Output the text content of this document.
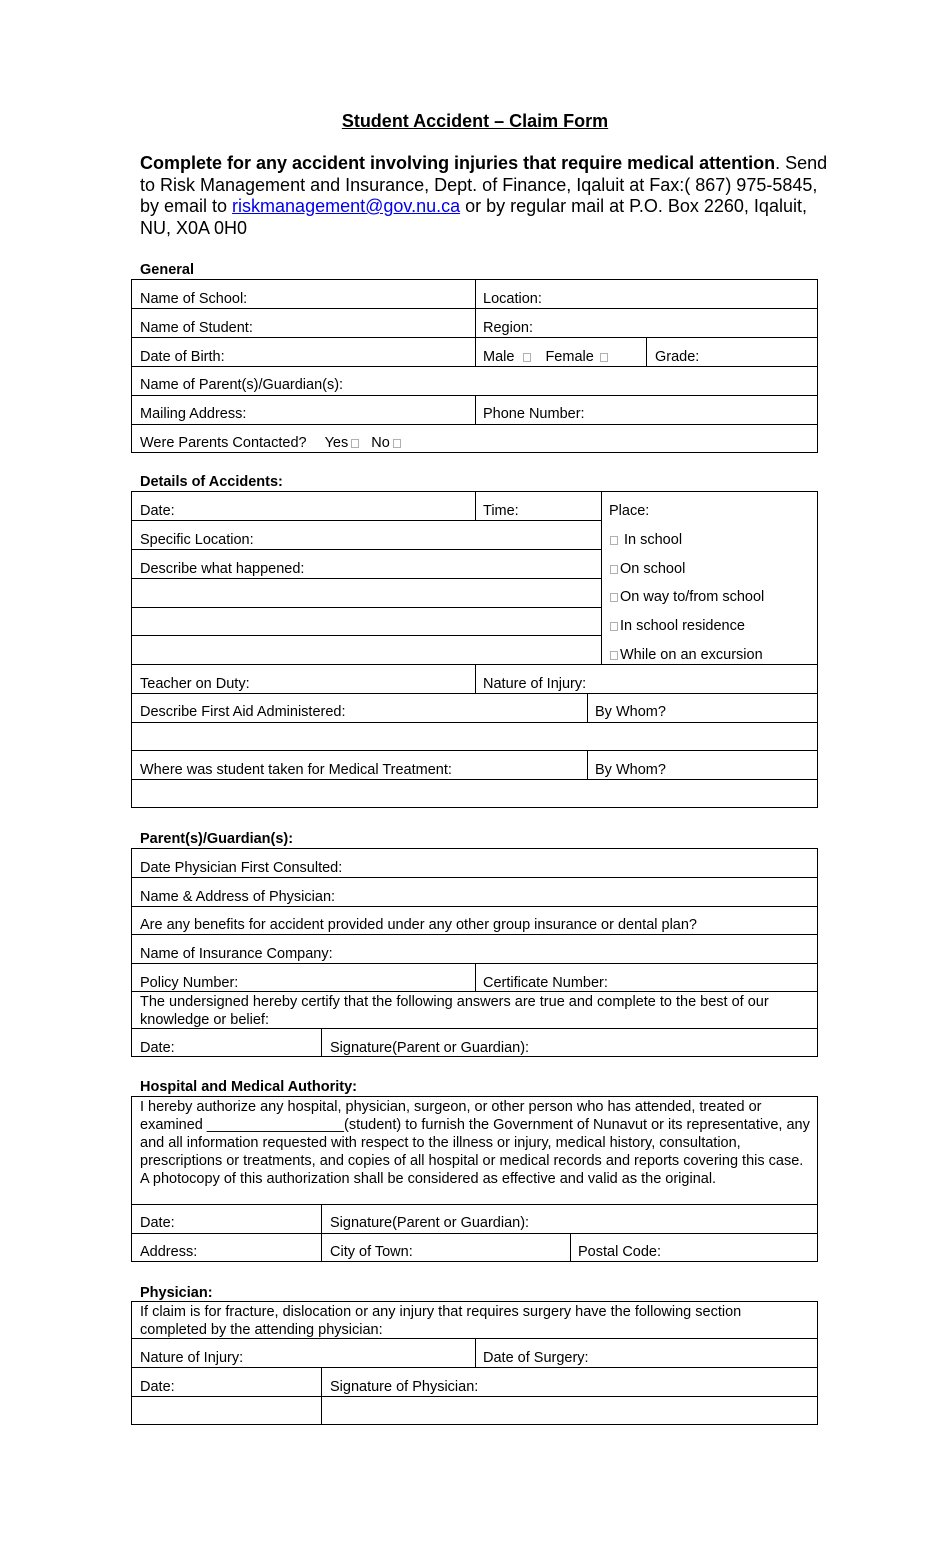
Student Accident – Claim Form
Complete for any accident involving injuries that require medical attention. Send to Risk Management and Insurance, Dept. of Finance, Iqaluit at Fax:( 867) 975-5845, by email to riskmanagement@gov.nu.ca or by regular mail at P.O. Box 2260, Iqaluit, NU, X0A 0H0
General
Name of School:	Location:
Name of Student:	Region:
Date of Birth:	Male Female	Grade:
Name of Parent(s)/Guardian(s):
Mailing Address:	Phone Number:
Were Parents Contacted? Yes No
Details of Accidents:
Date:	Time:	Place:
Specific Location:
Describe what happened:
In school
On school
On way to/from school
In school residence
While on an excursion
Teacher on Duty:	Nature of Injury:
Describe First Aid Administered:	By Whom?
Where was student taken for Medical Treatment:	By Whom?
Parent(s)/Guardian(s):
Date Physician First Consulted:
Name & Address of Physician:
Are any benefits for accident provided under any other group insurance or dental plan?
Name of Insurance Company:
Policy Number:	Certificate Number:
The undersigned hereby certify that the following answers are true and complete to the best of our knowledge or belief:
Date:	Signature(Parent or Guardian):
Hospital and Medical Authority:
I hereby authorize any hospital, physician, surgeon, or other person who has attended, treated or examined _________________(student) to furnish the Government of Nunavut or its representative, any and all information requested with respect to the illness or injury, medical history, consultation, prescriptions or treatments, and copies of all hospital or medical records and reports covering this case. A photocopy of this authorization shall be considered as effective and valid as the original.
Date:	Signature(Parent or Guardian):
Address:	City of Town:	Postal Code:
Physician:
If claim is for fracture, dislocation or any injury that requires surgery have the following section completed by the attending physician:
Nature of Injury:	Date of Surgery:
Date:	Signature of Physician:
